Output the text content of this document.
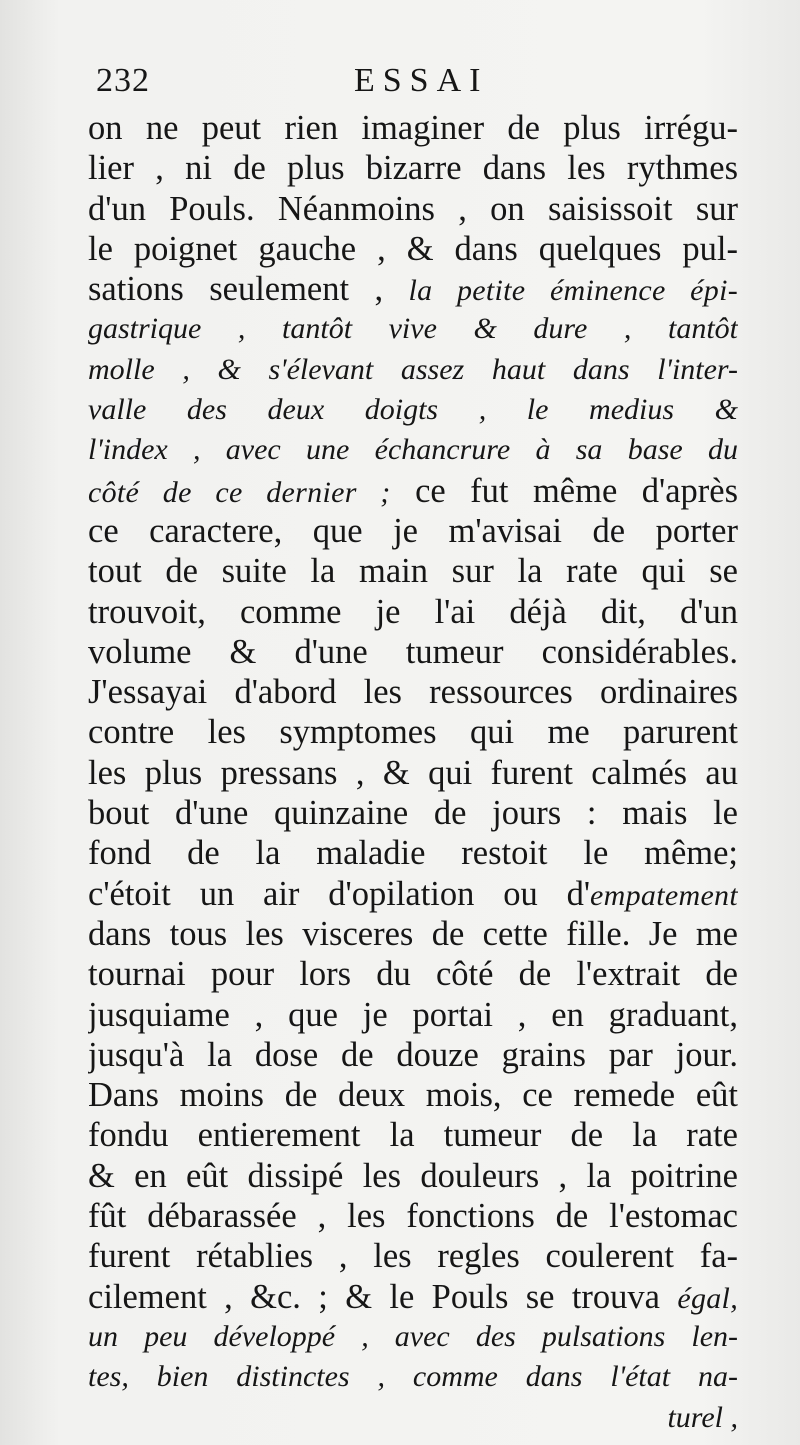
232	ESSAI
on ne peut rien imaginer de plus irrégu-
lier , ni de plus bizarre dans les rythmes
d'un Pouls. Néanmoins , on saisissoit sur
le poignet gauche , & dans quelques pul-
sations seulement , la petite éminence épi-
gastrique , tantôt vive & dure , tantôt
molle , & s'élevant assez haut dans l'inter-
valle des deux doigts , le medius &
l'index , avec une échancrure à sa base du
côté de ce dernier ; ce fut même d'après
ce caractere, que je m'avisai de porter
tout de suite la main sur la rate qui se
trouvoit, comme je l'ai déjà dit, d'un
volume & d'une tumeur considérables.
J'essayai d'abord les ressources ordinaires
contre les symptomes qui me parurent
les plus pressans , & qui furent calmés au
bout d'une quinzaine de jours : mais le
fond de la maladie restoit le même;
c'étoit un air d'opilation ou d'empatement
dans tous les visceres de cette fille. Je me
tournai pour lors du côté de l'extrait de
jusquiame , que je portai , en graduant,
jusqu'à la dose de douze grains par jour.
Dans moins de deux mois, ce remede eût
fondu entierement la tumeur de la rate
& en eût dissipé les douleurs , la poitrine
fût débarassée , les fonctions de l'estomac
furent rétablies , les regles coulerent fa-
cilement , &c. ; & le Pouls se trouva égal,
un peu développé , avec des pulsations len-
tes, bien distinctes , comme dans l'état na-
turel ,
